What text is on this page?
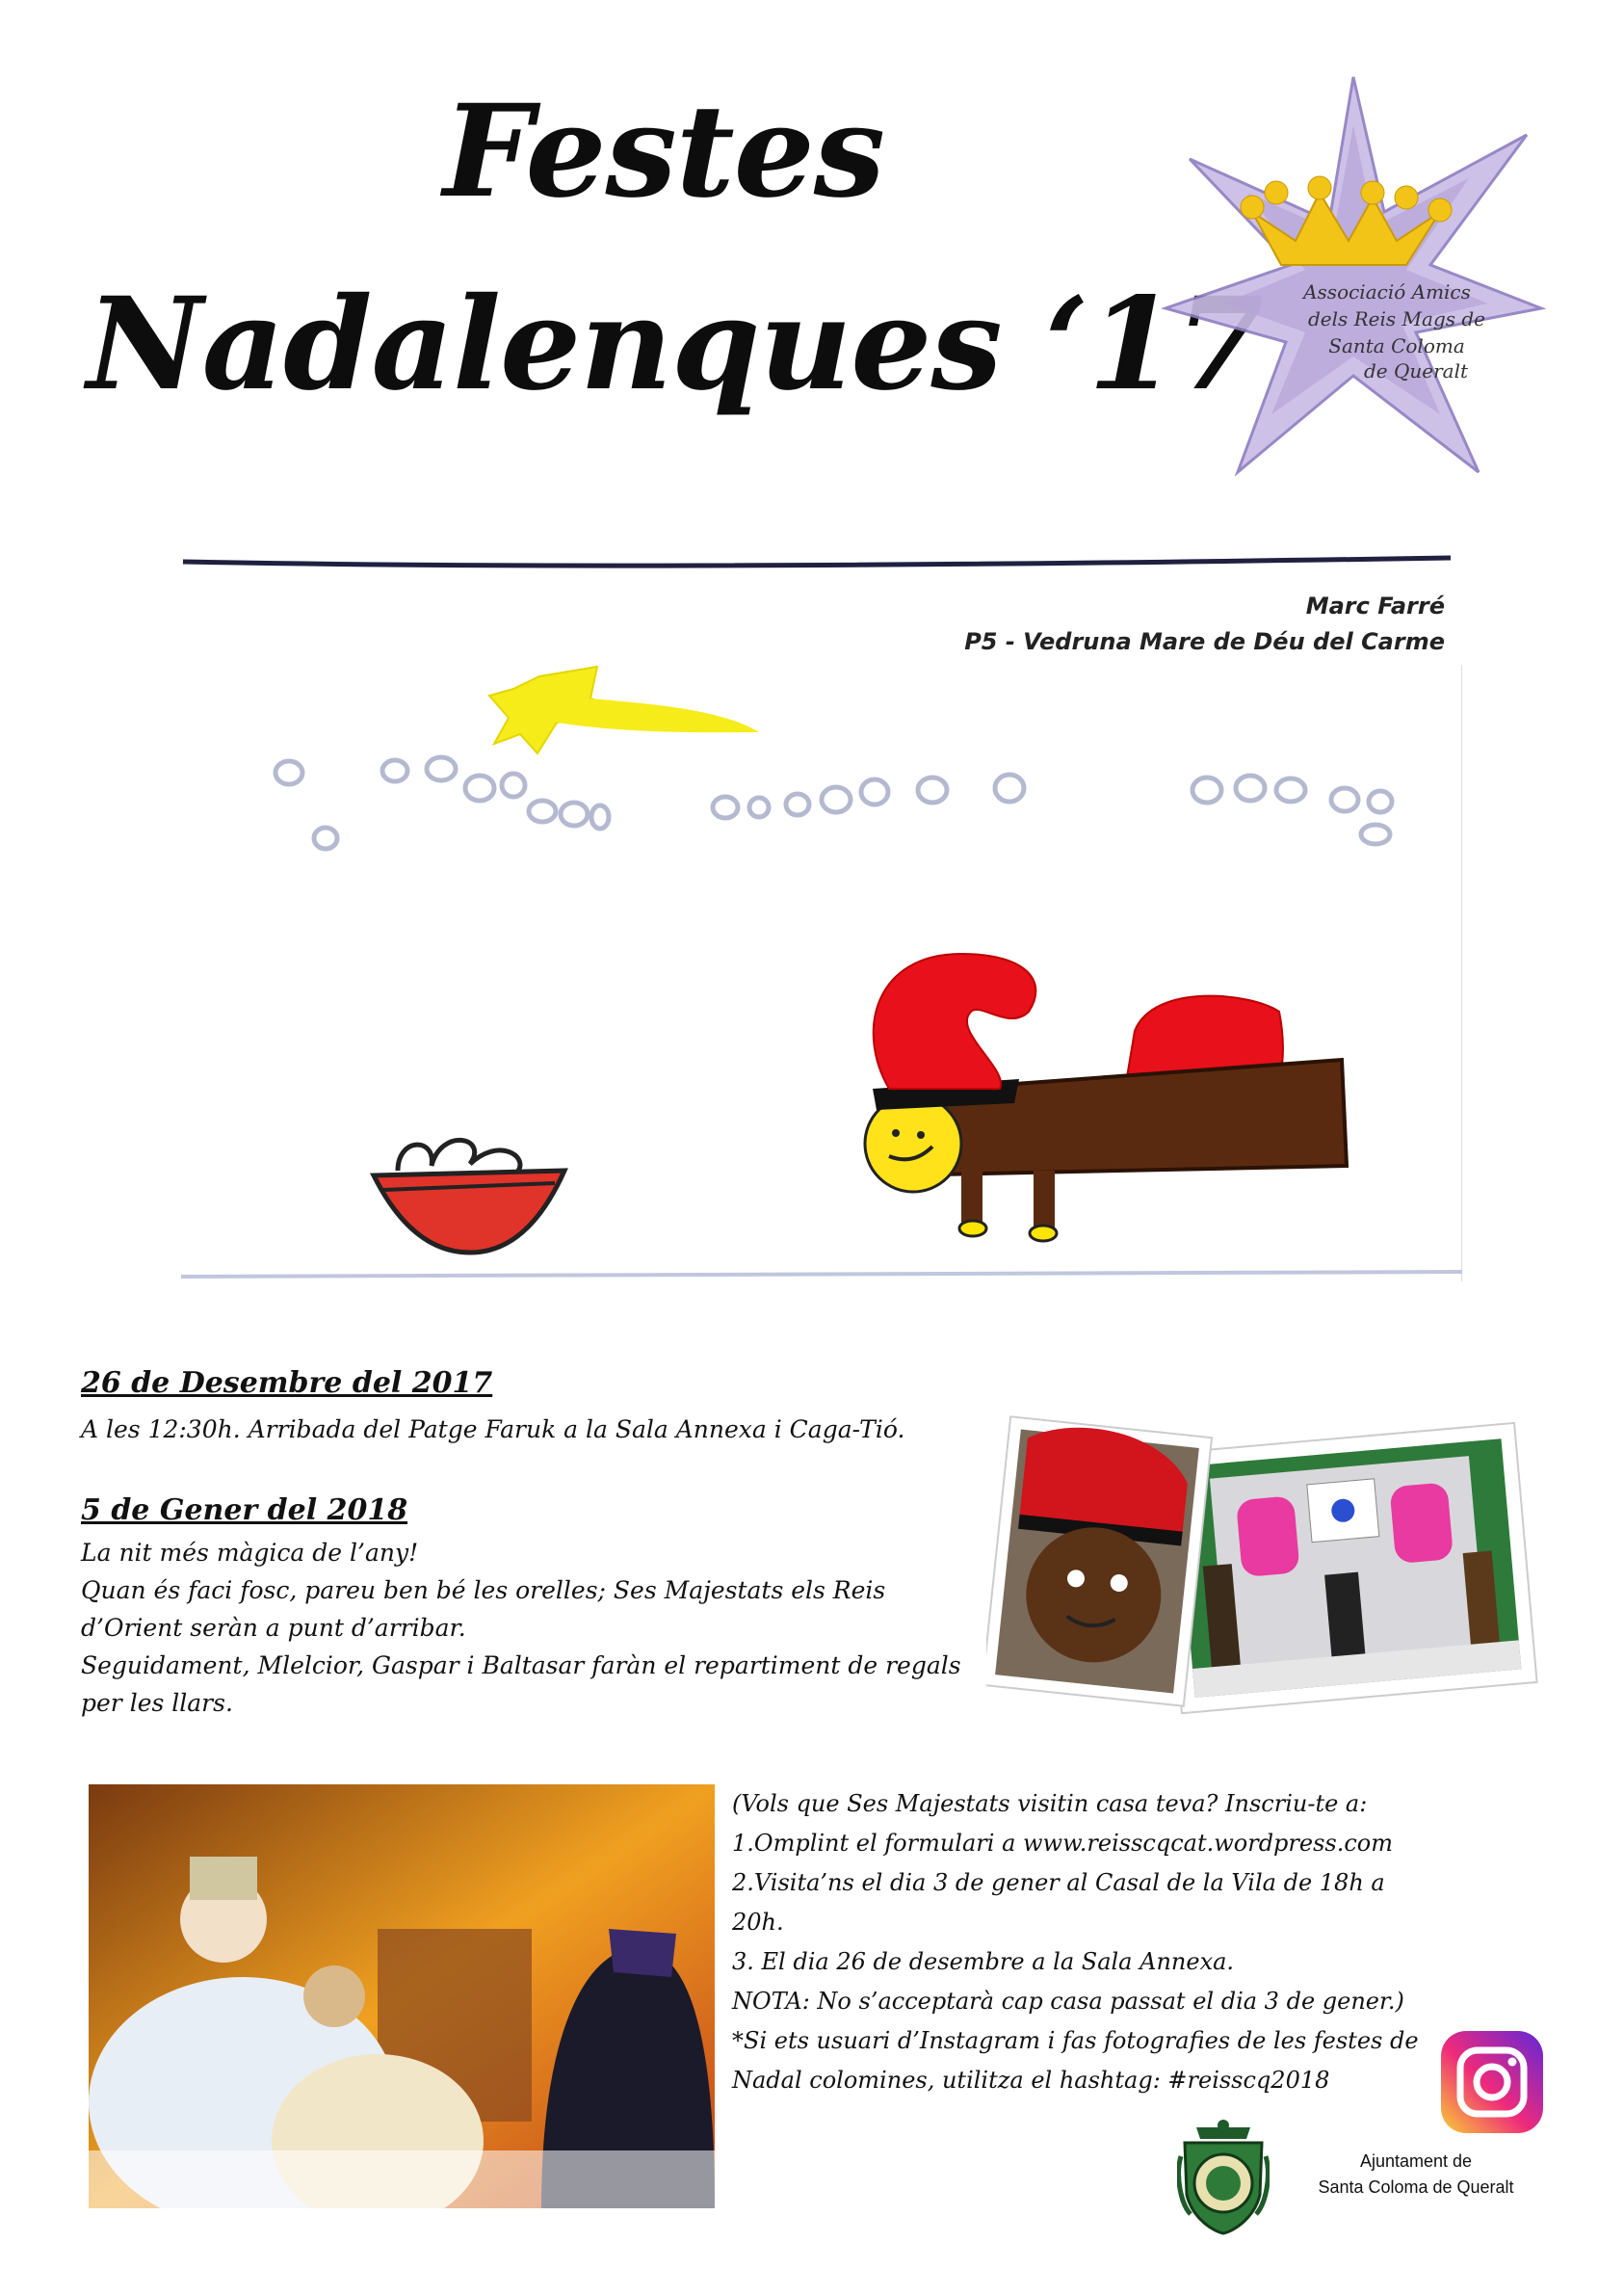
Festes
Nadalenques ‘17 Associació Amics
dels Reis Mags de
Santa Coloma
de Queralt
Marc Farré
P5 - Vedruna Mare de Déu del Carme
26 de Desembre del 2017
A les 12:30h. Arribada del Patge Faruk a la Sala Annexa i Caga-Tió.
5 de Gener del 2018
La nit més màgica de l’any!
Quan és faci fosc, pareu ben bé les orelles; Ses Majestats els Reis d’Orient seràn a punt d’arribar.
Seguidament, Mlelcior, Gaspar i Baltasar faràn el repartiment de regals per les llars.
(Vols que Ses Majestats visitin casa teva? Inscriu-te a:
1.Omplint el formulari a www.reisscqcat.wordpress.com
2.Visita’ns el dia 3 de gener al Casal de la Vila de 18h a 20h.
3. El dia 26 de desembre a la Sala Annexa.
NOTA: No s’acceptarà cap casa passat el dia 3 de gener.)
*Si ets usuari d’Instagram i fas fotografies de les festes de Nadal colomines, utilitza el hashtag: #reisscq2018
Ajuntament de
Santa Coloma de Queralt
